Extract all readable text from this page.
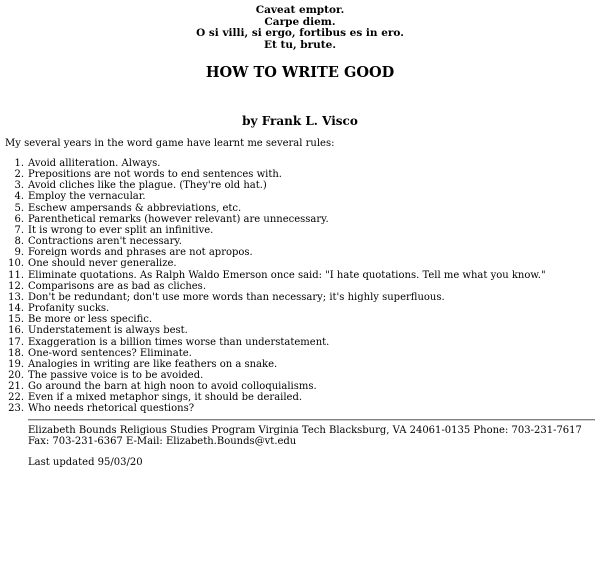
Caveat emptor.
Carpe diem.
O si villi, si ergo, fortibus es in ero.
Et tu, brute.
HOW TO WRITE GOOD
by Frank L. Visco

My several years in the word game have learnt me several rules:

1. Avoid alliteration. Always.
2. Prepositions are not words to end sentences with.
3. Avoid cliches like the plague. (They're old hat.)
4. Employ the vernacular.
5. Eschew ampersands & abbreviations, etc.
6. Parenthetical remarks (however relevant) are unnecessary.
7. It is wrong to ever split an infinitive.
8. Contractions aren't necessary.
9. Foreign words and phrases are not apropos.
10. One should never generalize.
11. Eliminate quotations. As Ralph Waldo Emerson once said: "I hate quotations. Tell me what you know."
12. Comparisons are as bad as cliches.
13. Don't be redundant; don't use more words than necessary; it's highly superfluous.
14. Profanity sucks.
15. Be more or less specific.
16. Understatement is always best.
17. Exaggeration is a billion times worse than understatement.
18. One-word sentences? Eliminate.
19. Analogies in writing are like feathers on a snake.
20. The passive voice is to be avoided.
21. Go around the barn at high noon to avoid colloquialisms.
22. Even if a mixed metaphor sings, it should be derailed.
23. Who needs rhetorical questions?

Elizabeth Bounds Religious Studies Program Virginia Tech Blacksburg, VA 24061-0135 Phone: 703-231-7617 Fax: 703-231-6367 E-Mail: Elizabeth.Bounds@vt.edu

Last updated 95/03/20
